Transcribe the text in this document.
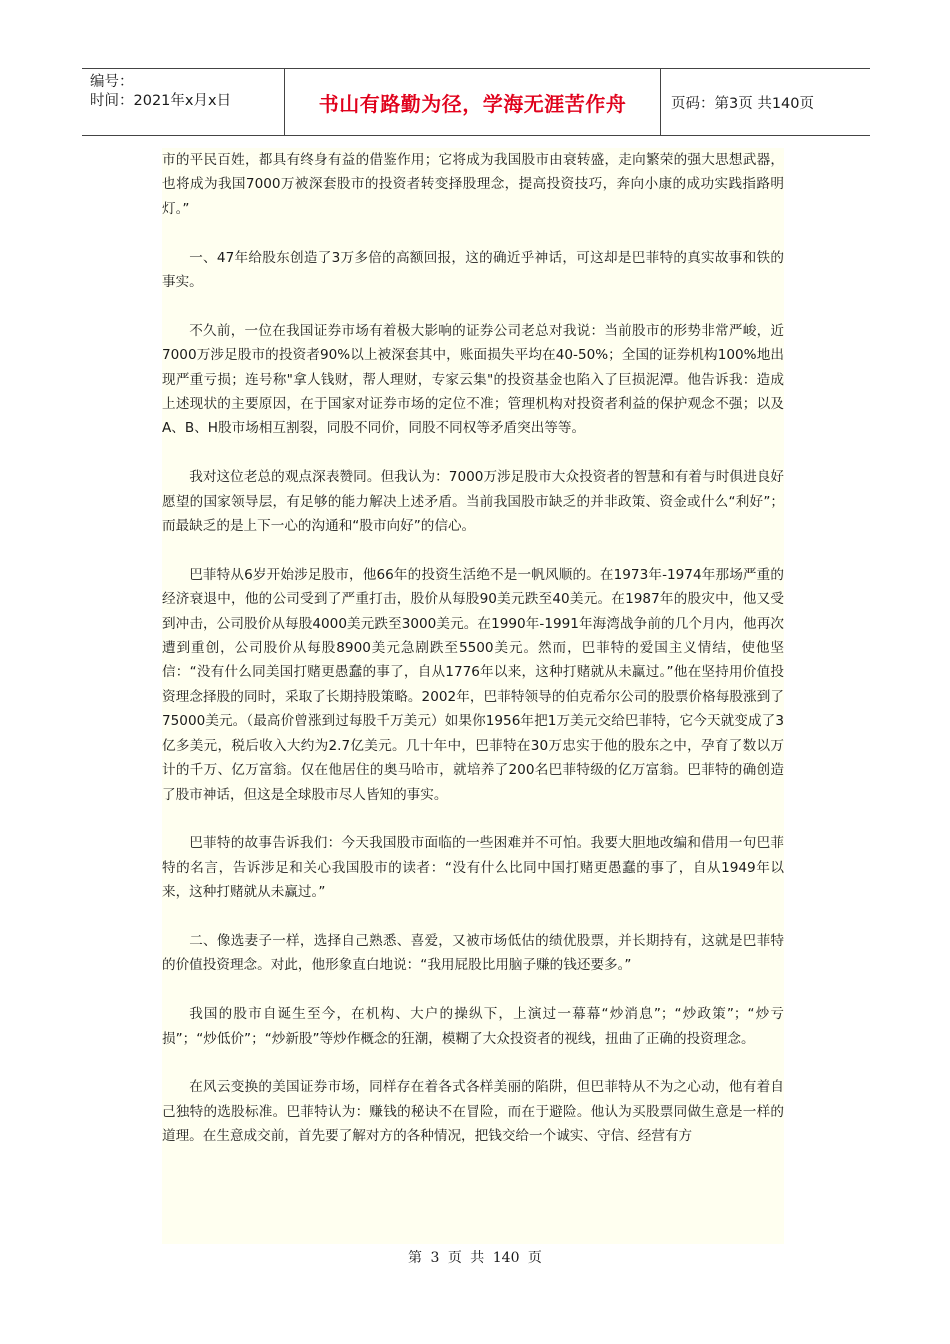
编号：
时间：2021年x月x日	书山有路勤为径，学海无涯苦作舟	页码：第3页 共140页

市的平民百姓，都具有终身有益的借鉴作用；它将成为我国股市由衰转盛，走向繁荣的强大思想武器，也将成为我国7000万被深套股市的投资者转变择股理念，提高投资技巧，奔向小康的成功实践指路明灯。”

一、47年给股东创造了3万多倍的高额回报，这的确近乎神话，可这却是巴菲特的真实故事和铁的事实。

不久前，一位在我国证券市场有着极大影响的证券公司老总对我说：当前股市的形势非常严峻，近7000万涉足股市的投资者90%以上被深套其中，账面损失平均在40-50%；全国的证券机构100%地出现严重亏损；连号称"拿人钱财，帮人理财，专家云集"的投资基金也陷入了巨损泥潭。他告诉我：造成上述现状的主要原因，在于国家对证券市场的定位不准；管理机构对投资者利益的保护观念不强；以及A、B、H股市场相互割裂，同股不同价，同股不同权等矛盾突出等等。

我对这位老总的观点深表赞同。但我认为：7000万涉足股市大众投资者的智慧和有着与时俱进良好愿望的国家领导层，有足够的能力解决上述矛盾。当前我国股市缺乏的并非政策、资金或什么“利好”；而最缺乏的是上下一心的沟通和“股市向好”的信心。

巴菲特从6岁开始涉足股市，他66年的投资生活绝不是一帆风顺的。在1973年-1974年那场严重的经济衰退中，他的公司受到了严重打击，股价从每股90美元跌至40美元。在1987年的股灾中，他又受到冲击，公司股价从每股4000美元跌至3000美元。在1990年-1991年海湾战争前的几个月内，他再次遭到重创，公司股价从每股8900美元急剧跌至5500美元。然而，巴菲特的爱国主义情结，使他坚信：“没有什么同美国打赌更愚蠢的事了，自从1776年以来，这种打赌就从未赢过。”他在坚持用价值投资理念择股的同时，采取了长期持股策略。2002年，巴菲特领导的伯克希尔公司的股票价格每股涨到了75000美元。（最高价曾涨到过每股千万美元）如果你1956年把1万美元交给巴菲特，它今天就变成了3亿多美元，税后收入大约为2.7亿美元。几十年中，巴菲特在30万忠实于他的股东之中，孕育了数以万计的千万、亿万富翁。仅在他居住的奥马哈市，就培养了200名巴菲特级的亿万富翁。巴菲特的确创造了股市神话，但这是全球股市尽人皆知的事实。

巴菲特的故事告诉我们：今天我国股市面临的一些困难并不可怕。我要大胆地改编和借用一句巴菲特的名言，告诉涉足和关心我国股市的读者：“没有什么比同中国打赌更愚蠢的事了，自从1949年以来，这种打赌就从未赢过。”

二、像选妻子一样，选择自己熟悉、喜爱，又被市场低估的绩优股票，并长期持有，这就是巴菲特的价值投资理念。对此，他形象直白地说：“我用屁股比用脑子赚的钱还要多。”

我国的股市自诞生至今，在机构、大户的操纵下，上演过一幕幕“炒消息”；“炒政策”；“炒亏损”；“炒低价”；“炒新股”等炒作概念的狂潮，模糊了大众投资者的视线，扭曲了正确的投资理念。

在风云变换的美国证券市场，同样存在着各式各样美丽的陷阱，但巴菲特从不为之心动，他有着自己独特的选股标准。巴菲特认为：赚钱的秘诀不在冒险，而在于避险。他认为买股票同做生意是一样的道理。在生意成交前，首先要了解对方的各种情况，把钱交给一个诚实、守信、经营有方

第 3 页 共 140 页
